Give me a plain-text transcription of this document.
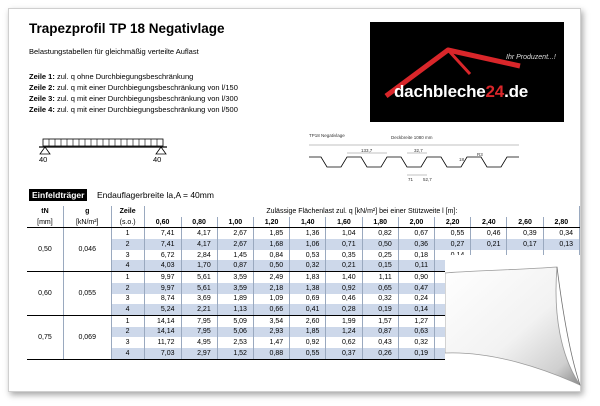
Trapezprofil TP 18 Negativlage
Belastungstabellen für gleichmäßig verteilte Auflast
Zeile 1: zul. q ohne Durchbiegungsbeschränkung
Zeile 2: zul. q mit einer Durchbiegungsbeschränkung von l/150
Zeile 3: zul. q mit einer Durchbiegungsbeschränkung von l/300
Zeile 4: zul. q mit einer Durchbiegungsbeschränkung von l/500
Ihr Produzent...!
dachbleche24.de
40	40
TP18 Negativlage	Deckbreite 1080 mm
133,7	32,7
18
R3
71 52,7
Einfeldträger	Endauflagerbreite la,A = 40mm
tN	g	Zeile	Zulässige Flächenlast zul. q [kN/m²] bei einer Stützweite l [m]:											
[mm]	[kN/m²]	(s.o.)	0,60	0,80	1,00	1,20	1,40	1,60	1,80	2,00	2,20	2,40	2,60	2,80
0,50	0,046	1	7,41	4,17	2,67	1,85	1,36	1,04	0,82	0,67	0,55	0,46	0,39	0,34
		2	7,41	4,17	2,67	1,68	1,06	0,71	0,50	0,36	0,27	0,21	0,17	0,13
		3	6,72	2,84	1,45	0,84	0,53	0,35	0,25	0,18				
		4	4,03	1,70	0,87	0,50	0,32	0,21	0,15	0,11				
0,60	0,055	1	9,97	5,61	3,59	2,49	1,83	1,40	1,11	0,90				
		2	9,97	5,61	3,59	2,18	1,38	0,92	0,65	0,47				
		3	8,74	3,69	1,89	1,09	0,69	0,46	0,32	0,24				
		4	5,24	2,21	1,13	0,66	0,41	0,28	0,19	0,14				
0,75	0,069	1	14,14	7,95	5,09	3,54	2,60	1,99	1,57	1,27				
		2	14,14	7,95	5,06	2,93	1,85	1,24	0,87	0,63				
		3	11,72	4,95	2,53	1,47	0,92	0,62	0,43	0,32				
		4	7,03	2,97	1,52	0,88	0,55	0,37	0,26	0,19				
